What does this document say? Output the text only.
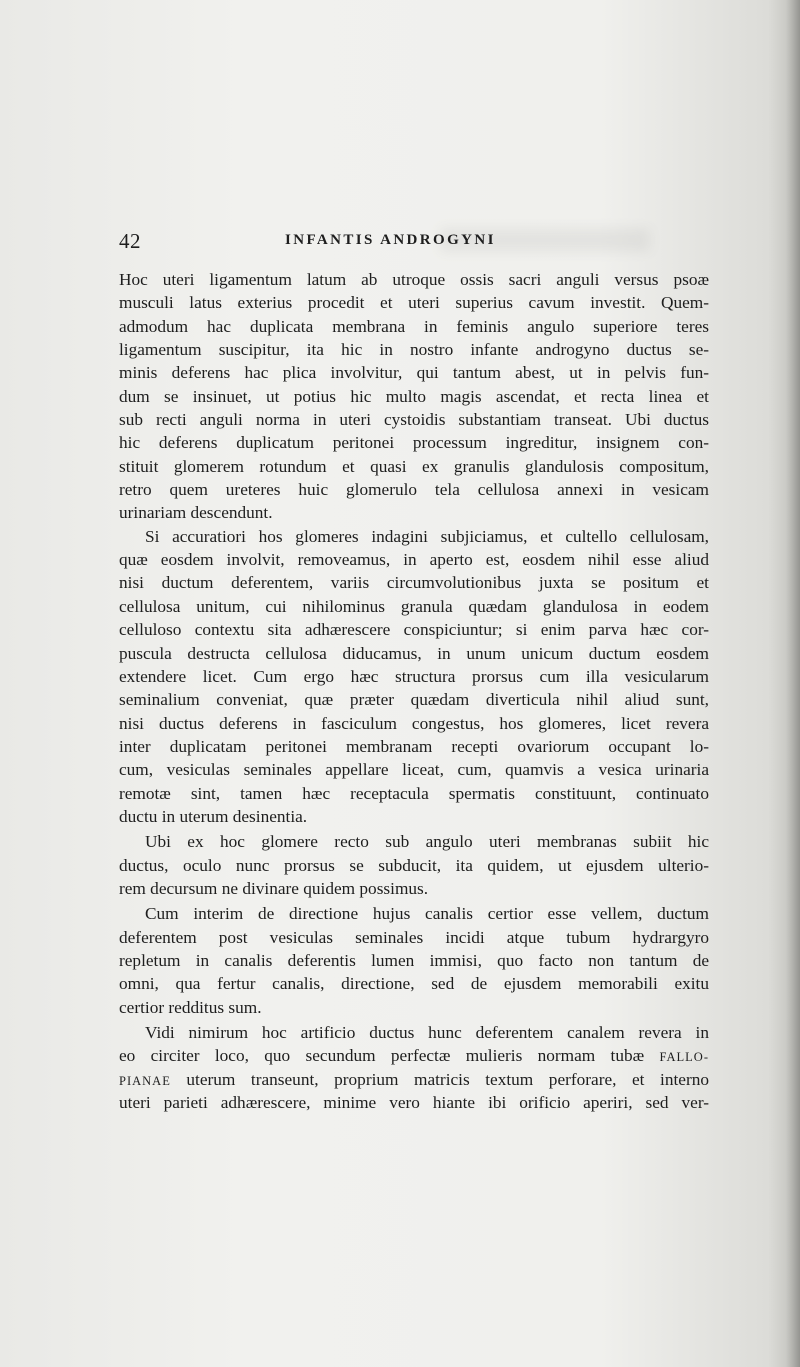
42	INFANTIS ANDROGYNI
Hoc uteri ligamentum latum ab utroque ossis sacri anguli versus psoæ
musculi latus exterius procedit et uteri superius cavum investit. Quem-
admodum hac duplicata membrana in feminis angulo superiore teres
ligamentum suscipitur, ita hic in nostro infante androgyno ductus se-
minis deferens hac plica involvitur, qui tantum abest, ut in pelvis fun-
dum se insinuet, ut potius hic multo magis ascendat, et recta linea et
sub recti anguli norma in uteri cystoidis substantiam transeat. Ubi ductus
hic deferens duplicatum peritonei processum ingreditur, insignem con-
stituit glomerem rotundum et quasi ex granulis glandulosis compositum,
retro quem ureteres huic glomerulo tela cellulosa annexi in vesicam
urinariam descendunt.
Si accuratiori hos glomeres indagini subjiciamus, et cultello cellulosam,
quæ eosdem involvit, removeamus, in aperto est, eosdem nihil esse aliud
nisi ductum deferentem, variis circumvolutionibus juxta se positum et
cellulosa unitum, cui nihilominus granula quædam glandulosa in eodem
celluloso contextu sita adhærescere conspiciuntur; si enim parva hæc cor-
puscula destructa cellulosa diducamus, in unum unicum ductum eosdem
extendere licet. Cum ergo hæc structura prorsus cum illa vesicularum
seminalium conveniat, quæ præter quædam diverticula nihil aliud sunt,
nisi ductus deferens in fasciculum congestus, hos glomeres, licet revera
inter duplicatam peritonei membranam recepti ovariorum occupant lo-
cum, vesiculas seminales appellare liceat, cum, quamvis a vesica urinaria
remotæ sint, tamen hæc receptacula spermatis constituunt, continuato
ductu in uterum desinentia.
Ubi ex hoc glomere recto sub angulo uteri membranas subiit hic
ductus, oculo nunc prorsus se subducit, ita quidem, ut ejusdem ulterio-
rem decursum ne divinare quidem possimus.
Cum interim de directione hujus canalis certior esse vellem, ductum
deferentem post vesiculas seminales incidi atque tubum hydrargyro
repletum in canalis deferentis lumen immisi, quo facto non tantum de
omni, qua fertur canalis, directione, sed de ejusdem memorabili exitu
certior redditus sum.
Vidi nimirum hoc artificio ductus hunc deferentem canalem revera in
eo circiter loco, quo secundum perfectæ mulieris normam tubæ FALLO-
PIANAE uterum transeunt, proprium matricis textum perforare, et interno
uteri parieti adhærescere, minime vero hiante ibi orificio aperiri, sed ver-
